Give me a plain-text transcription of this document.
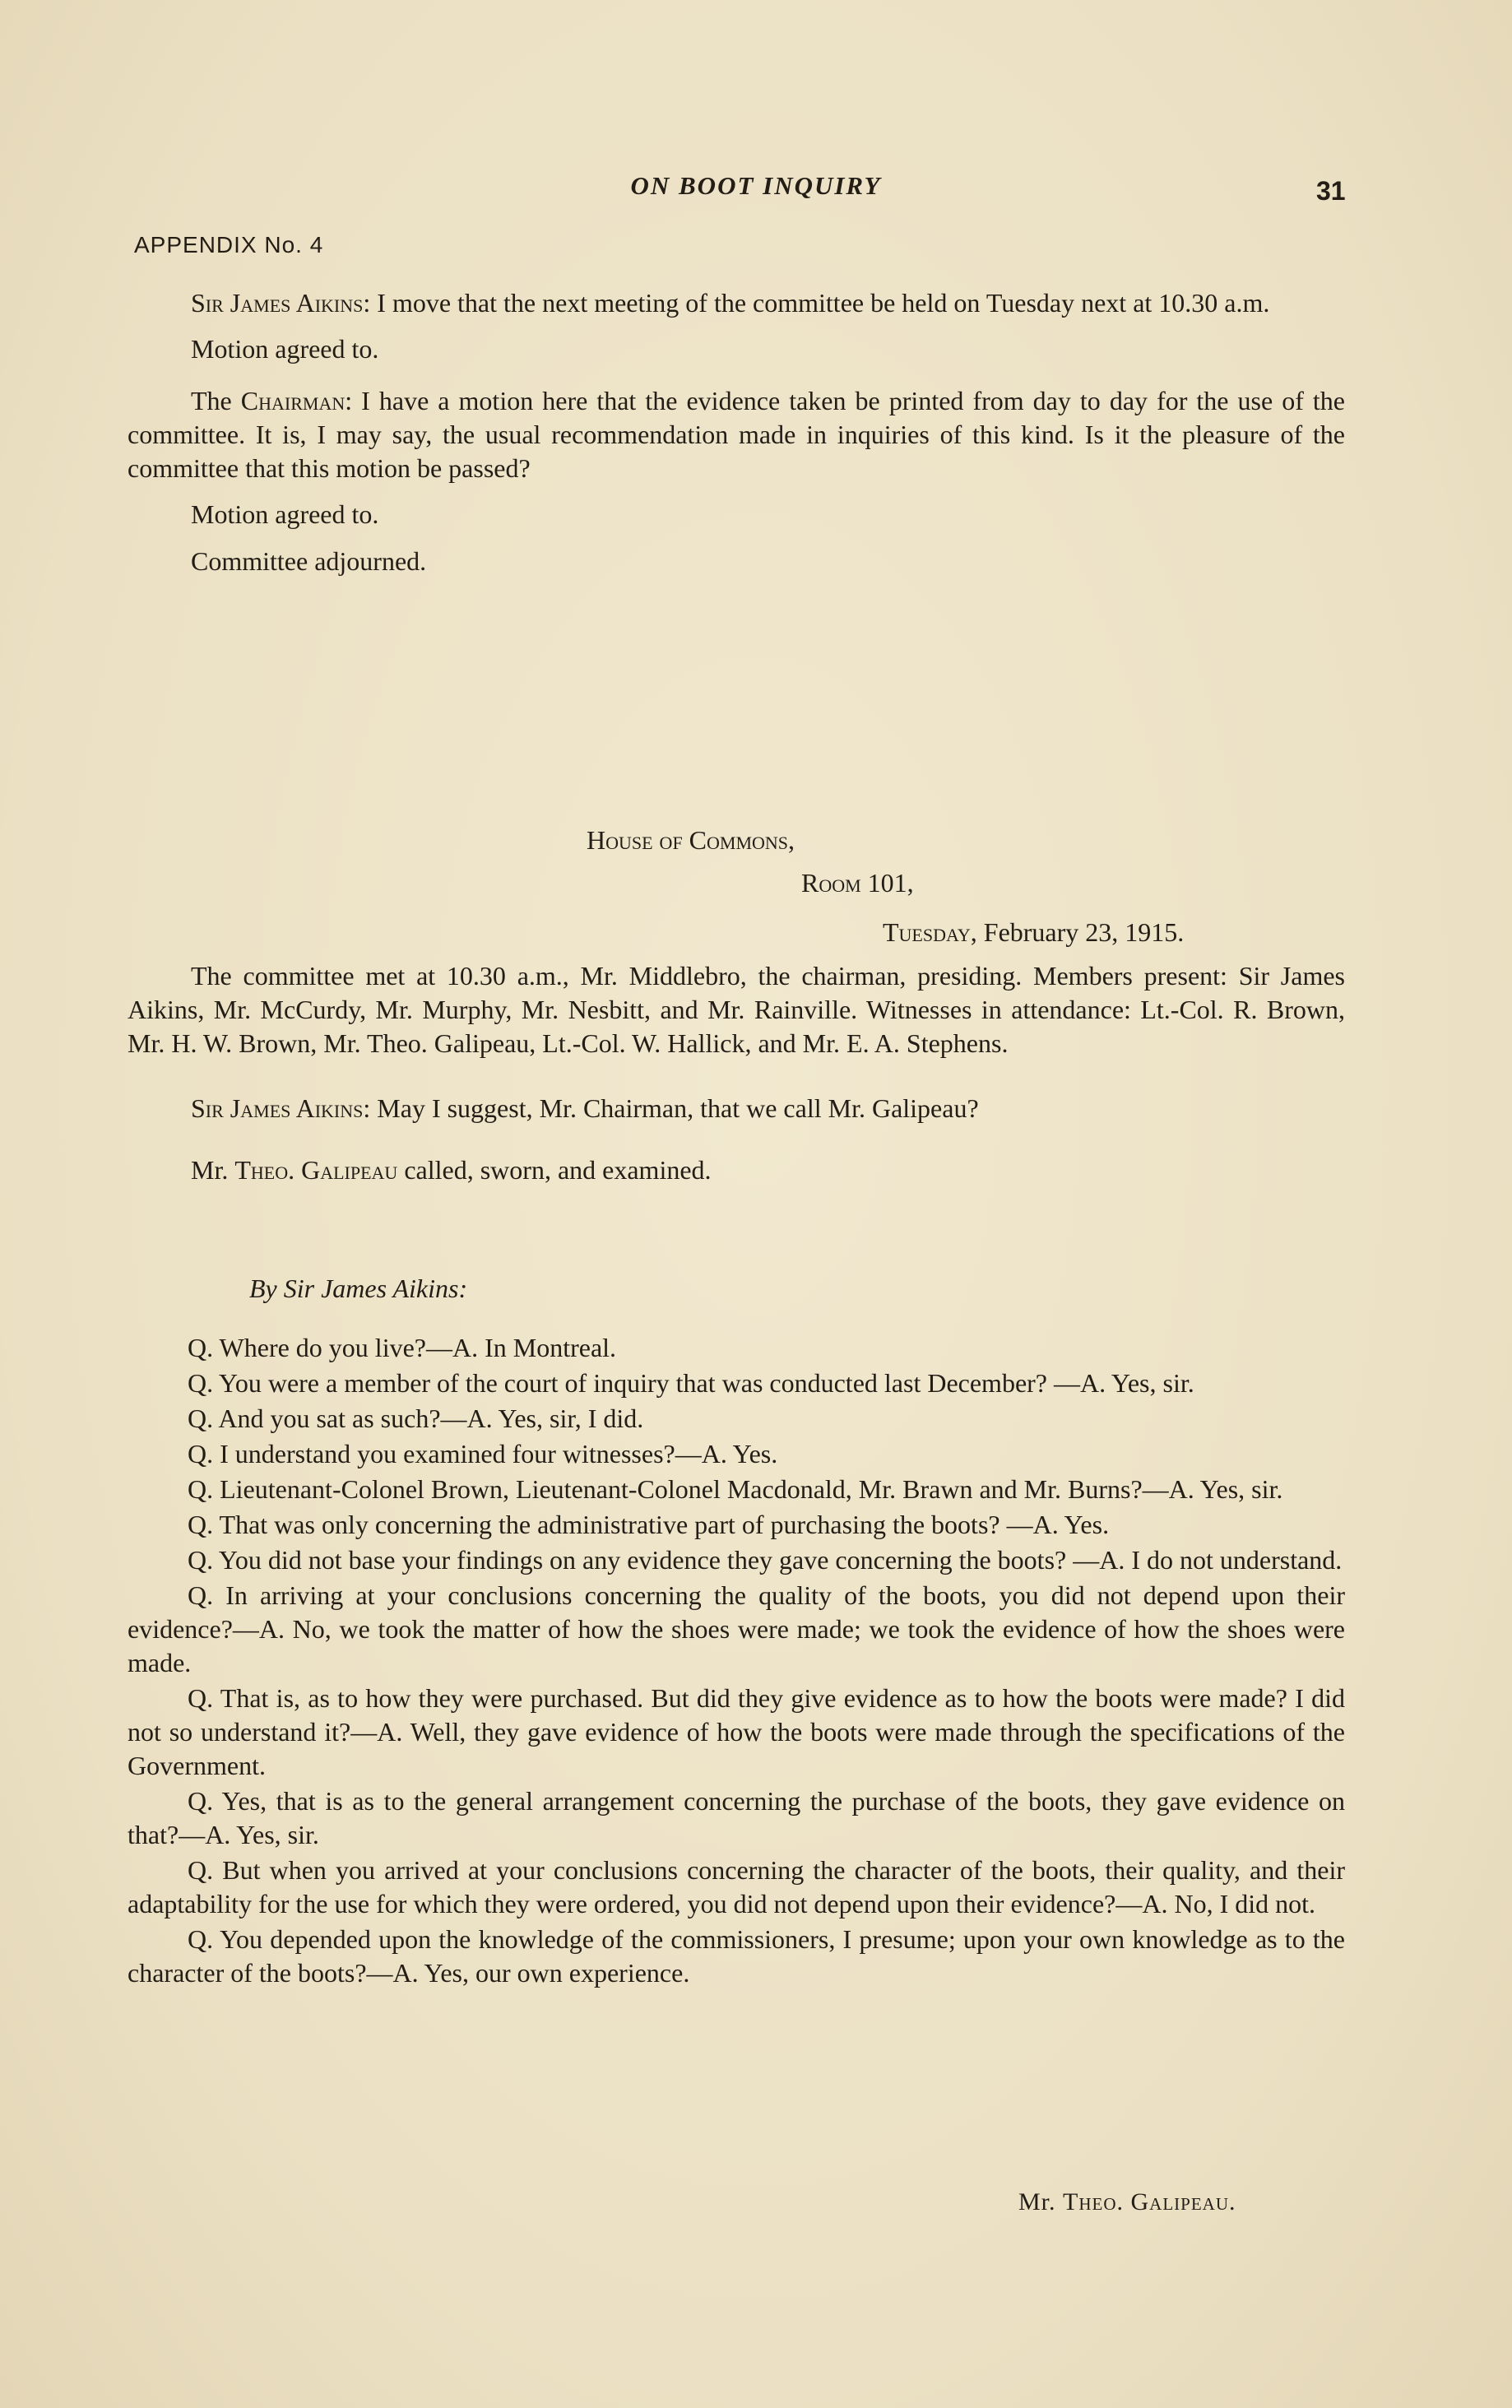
ON BOOT INQUIRY	31
APPENDIX No. 4

Sir James Aikins: I move that the next meeting of the committee be held on Tuesday next at 10.30 a.m.

Motion agreed to.

The Chairman: I have a motion here that the evidence taken be printed from day to day for the use of the committee. It is, I may say, the usual recommendation made in inquiries of this kind. Is it the pleasure of the committee that this motion be passed?

Motion agreed to.

Committee adjourned.

House of Commons,
Room 101,
Tuesday, February 23, 1915.

The committee met at 10.30 a.m., Mr. Middlebro, the chairman, presiding. Members present: Sir James Aikins, Mr. McCurdy, Mr. Murphy, Mr. Nesbitt, and Mr. Rainville. Witnesses in attendance: Lt.-Col. R. Brown, Mr. H. W. Brown, Mr. Theo. Galipeau, Lt.-Col. W. Hallick, and Mr. E. A. Stephens.

Sir James Aikins: May I suggest, Mr. Chairman, that we call Mr. Galipeau?

Mr. Theo. Galipeau called, sworn, and examined.

By Sir James Aikins:

Q. Where do you live?—A. In Montreal.

Q. You were a member of the court of inquiry that was conducted last December? —A. Yes, sir.

Q. And you sat as such?—A. Yes, sir, I did.

Q. I understand you examined four witnesses?—A. Yes.

Q. Lieutenant-Colonel Brown, Lieutenant-Colonel Macdonald, Mr. Brawn and Mr. Burns?—A. Yes, sir.

Q. That was only concerning the administrative part of purchasing the boots? —A. Yes.

Q. You did not base your findings on any evidence they gave concerning the boots? —A. I do not understand.

Q. In arriving at your conclusions concerning the quality of the boots, you did not depend upon their evidence?—A. No, we took the matter of how the shoes were made; we took the evidence of how the shoes were made.

Q. That is, as to how they were purchased. But did they give evidence as to how the boots were made? I did not so understand it?—A. Well, they gave evidence of how the boots were made through the specifications of the Government.

Q. Yes, that is as to the general arrangement concerning the purchase of the boots, they gave evidence on that?—A. Yes, sir.

Q. But when you arrived at your conclusions concerning the character of the boots, their quality, and their adaptability for the use for which they were ordered, you did not depend upon their evidence?—A. No, I did not.

Q. You depended upon the knowledge of the commissioners, I presume; upon your own knowledge as to the character of the boots?—A. Yes, our own experience.

Mr. Theo. Galipeau.
